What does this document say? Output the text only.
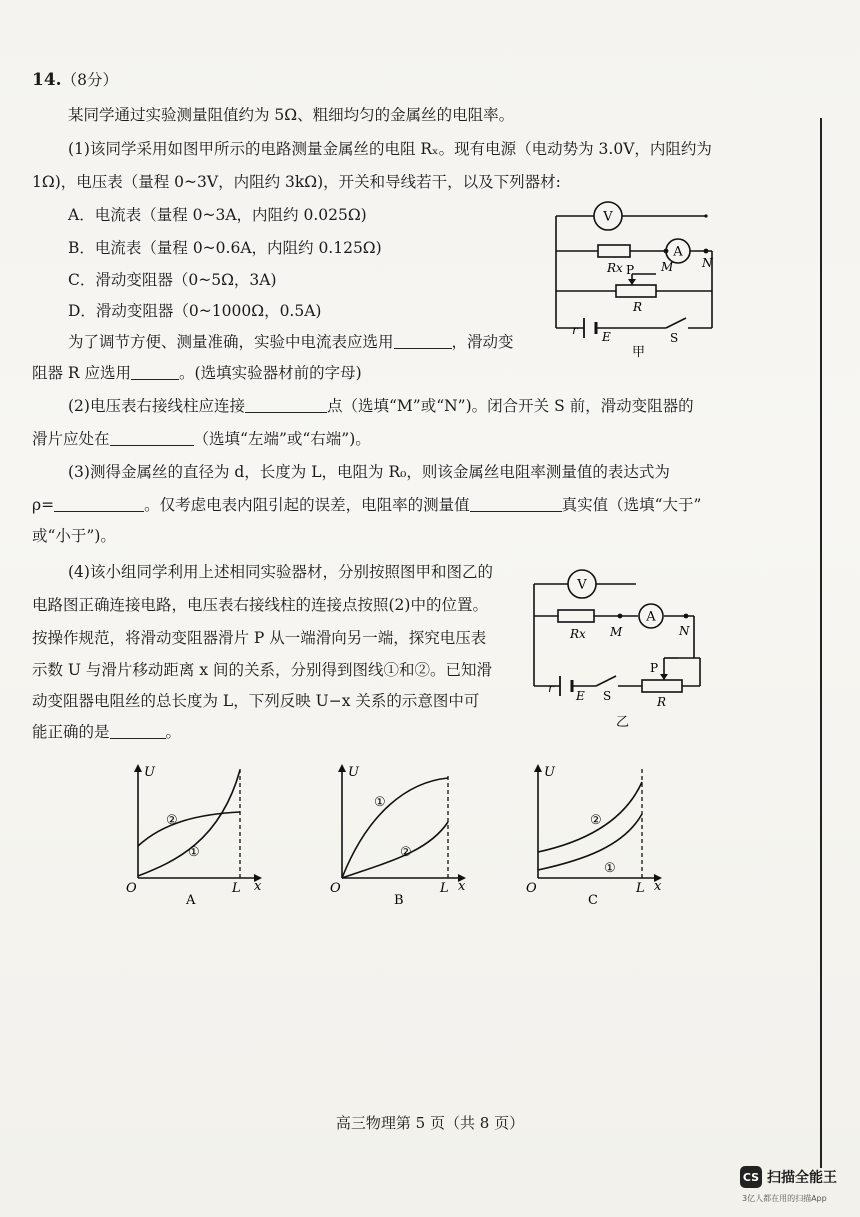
14.（8分）
某同学通过实验测量阻值约为 5Ω、粗细均匀的金属丝的电阻率。
(1)该同学采用如图甲所示的电路测量金属丝的电阻 Rₓ。现有电源（电动势为 3.0V，内阻约为
1Ω)，电压表（量程 0~3V，内阻约 3kΩ)，开关和导线若干，以及下列器材:
A．电流表（量程 0~3A，内阻约 0.025Ω)
B．电流表（量程 0~0.6A，内阻约 0.125Ω)
C．滑动变阻器（0~5Ω，3A)
D．滑动变阻器（0~1000Ω，0.5A)
为了调节方便、测量准确，实验中电流表应选用	，滑动变
阻器 R 应选用	。(选填实验器材前的字母)
(2)电压表右接线柱应连接	点（选填“M”或“N”)。闭合开关 S 前，滑动变阻器的
滑片应处在	（选填“左端”或“右端”)。
(3)测得金属丝的直径为 d，长度为 L，电阻为 R₀，则该金属丝电阻率测量值的表达式为
ρ=	。仅考虑电表内阻引起的误差，电阻率的测量值	真实值（选填“大于”
或“小于”)。
(4)该小组同学利用上述相同实验器材，分别按照图甲和图乙的
电路图正确连接电路，电压表右接线柱的连接点按照(2)中的位置。
按操作规范，将滑动变阻器滑片 P 从一端滑向另一端，探究电压表
示数 U 与滑片移动距离 x 间的关系，分别得到图线①和②。已知滑
动变阻器电阻丝的总长度为 L，下列反映 U−x 关系的示意图中可
能正确的是	。
V
A
Rx	M N
P
R
r E	S
甲
V
A
Rx M	N
P
R
r
E S
乙
U
O	L x
②
①
A
U
O	L x
①
②
B
U
O	L x
②
①
C
高三物理第 5 页（共 8 页）
CS 扫描全能王
3亿人都在用的扫描App
